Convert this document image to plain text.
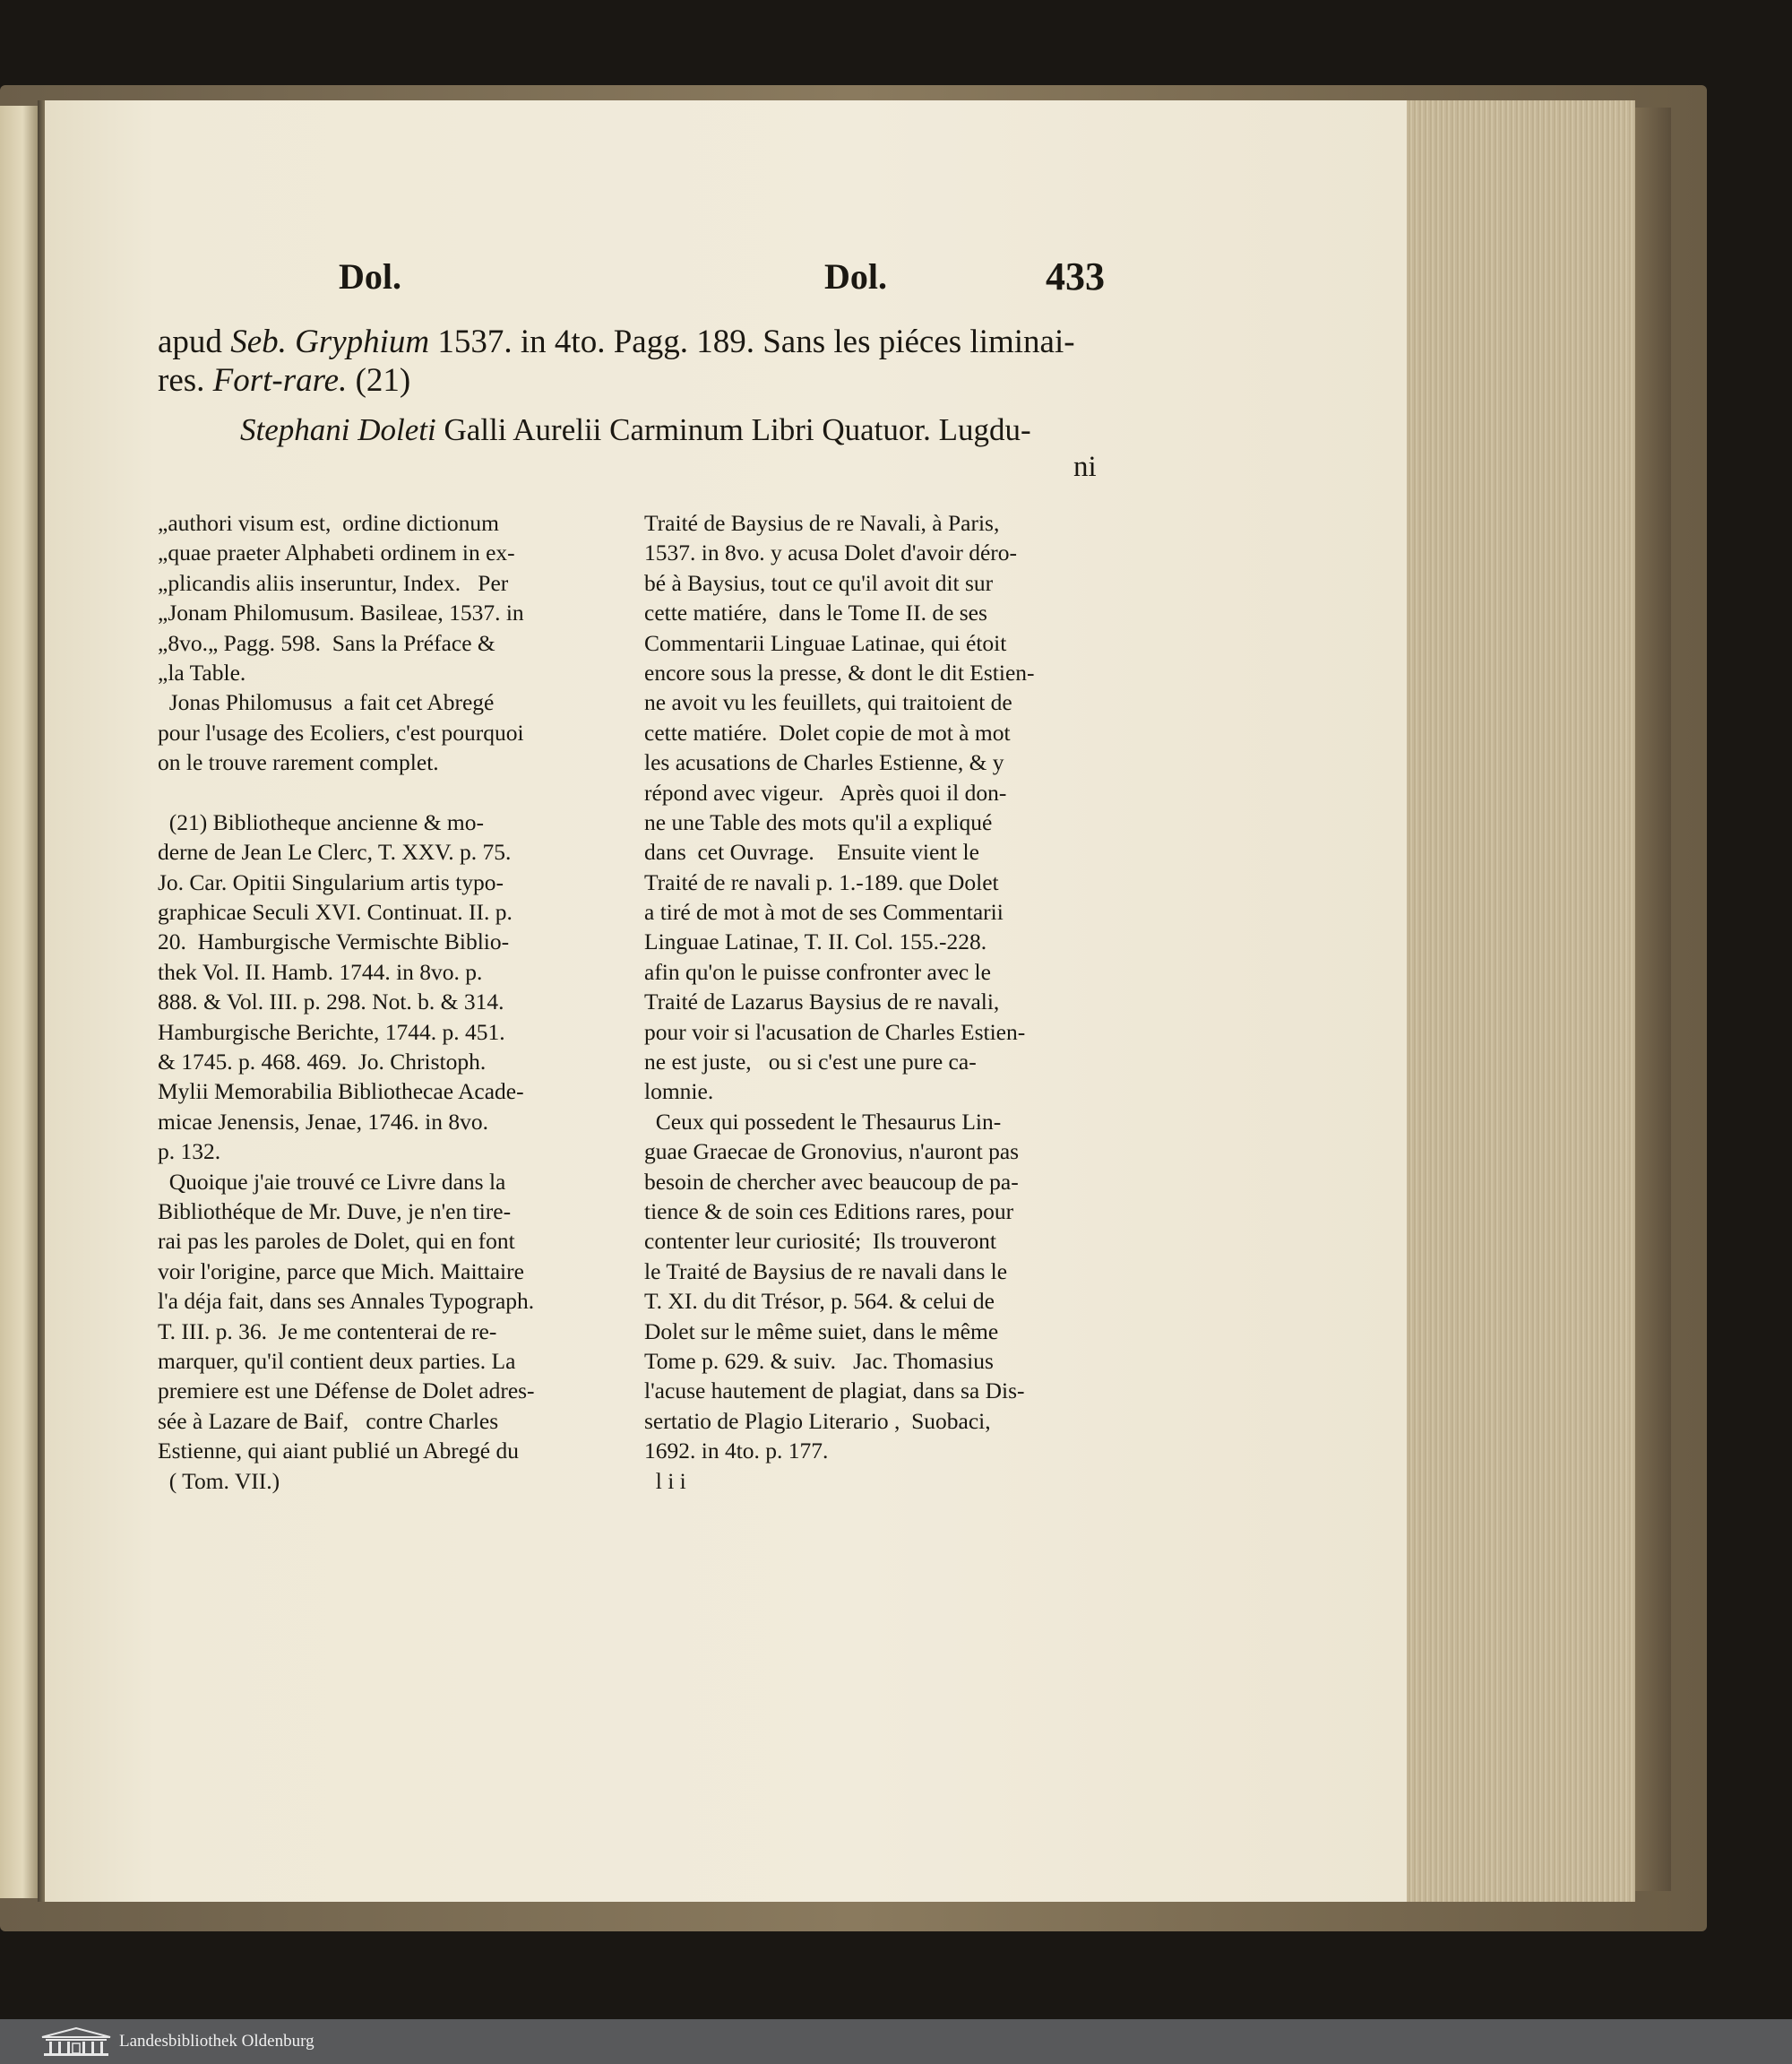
Dol.	Dol.	433
apud Seb. Gryphium 1537. in 4to. Pagg. 189. Sans les piéces liminai-
res. Fort-rare. (21)
Stephani Doleti Galli Aurelii Carminum Libri Quatuor. Lugdu-
ni
„authori visum est,  ordine dictionum
„quae praeter Alphabeti ordinem in ex-
„plicandis aliis inseruntur, Index.   Per
„Jonam Philomusum. Basileae, 1537. in
„8vo.„ Pagg. 598.  Sans la Préface &
„la Table.
Jonas Philomusus  a fait cet Abregé
pour l'usage des Ecoliers, c'est pourquoi
on le trouve rarement complet.
(21) Bibliotheque ancienne & mo-
derne de Jean Le Clerc, T. XXV. p. 75.
Jo. Car. Opitii Singularium artis typo-
graphicae Seculi XVI. Continuat. II. p.
20.  Hamburgische Vermischte Biblio-
thek Vol. II. Hamb. 1744. in 8vo. p.
888. & Vol. III. p. 298. Not. b. & 314.
Hamburgische Berichte, 1744. p. 451.
& 1745. p. 468. 469.  Jo. Christoph.
Mylii Memorabilia Bibliothecae Acade-
micae Jenensis, Jenae, 1746. in 8vo.
p. 132.
Quoique j'aie trouvé ce Livre dans la
Bibliothéque de Mr. Duve, je n'en tire-
rai pas les paroles de Dolet, qui en font
voir l'origine, parce que Mich. Maittaire
l'a déja fait, dans ses Annales Typograph.
T. III. p. 36.  Je me contenterai de re-
marquer, qu'il contient deux parties. La
premiere est une Défense de Dolet adres-
sée à Lazare de Baif,   contre Charles
Estienne, qui aiant publié un Abregé du
( Tom. VII.)
Traité de Baysius de re Navali, à Paris,
1537. in 8vo. y acusa Dolet d'avoir déro-
bé à Baysius, tout ce qu'il avoit dit sur
cette matiére,  dans le Tome II. de ses
Commentarii Linguae Latinae, qui étoit
encore sous la presse, & dont le dit Estien-
ne avoit vu les feuillets, qui traitoient de
cette matiére.  Dolet copie de mot à mot
les acusations de Charles Estienne, & y
répond avec vigeur.   Après quoi il don-
ne une Table des mots qu'il a expliqué
dans  cet Ouvrage.    Ensuite vient le
Traité de re navali p. 1.-189. que Dolet
a tiré de mot à mot de ses Commentarii
Linguae Latinae, T. II. Col. 155.-228.
afin qu'on le puisse confronter avec le
Traité de Lazarus Baysius de re navali,
pour voir si l'acusation de Charles Estien-
ne est juste,   ou si c'est une pure ca-
lomnie.
Ceux qui possedent le Thesaurus Lin-
guae Graecae de Gronovius, n'auront pas
besoin de chercher avec beaucoup de pa-
tience & de soin ces Editions rares, pour
contenter leur curiosité;  Ils trouveront
le Traité de Baysius de re navali dans le
T. XI. du dit Trésor, p. 564. & celui de
Dolet sur le même suiet, dans le même
Tome p. 629. & suiv.   Jac. Thomasius
l'acuse hautement de plagiat, dans sa Dis-
sertatio de Plagio Literario ,  Suobaci,
1692. in 4to. p. 177.
l i i
Landesbibliothek Oldenburg
